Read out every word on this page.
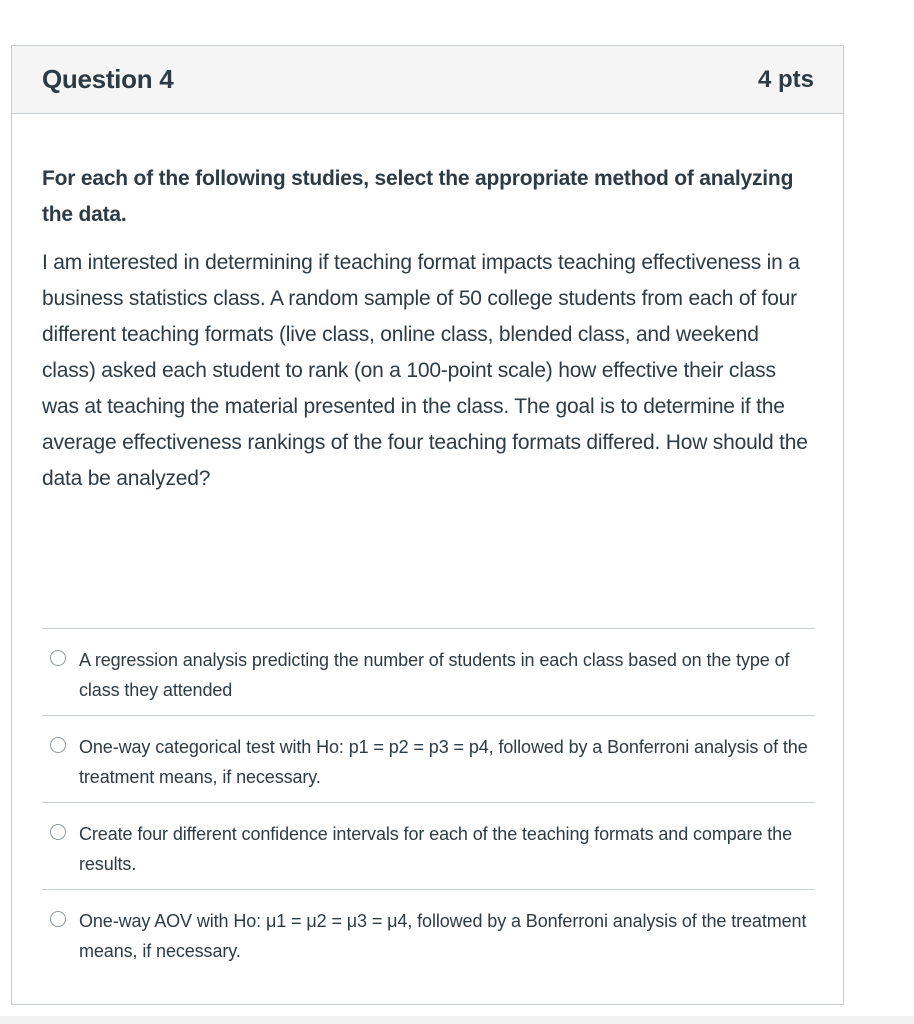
Question 4	4 pts

For each of the following studies, select the appropriate method of analyzing the data.

I am interested in determining if teaching format impacts teaching effectiveness in a business statistics class. A random sample of 50 college students from each of four different teaching formats (live class, online class, blended class, and weekend class) asked each student to rank (on a 100-point scale) how effective their class was at teaching the material presented in the class. The goal is to determine if the average effectiveness rankings of the four teaching formats differed. How should the data be analyzed?

A regression analysis predicting the number of students in each class based on the type of class they attended
One-way categorical test with Ho: p1 = p2 = p3 = p4, followed by a Bonferroni analysis of the treatment means, if necessary.
Create four different confidence intervals for each of the teaching formats and compare the results.
One-way AOV with Ho: μ1 = μ2 = μ3 = μ4, followed by a Bonferroni analysis of the treatment means, if necessary.
